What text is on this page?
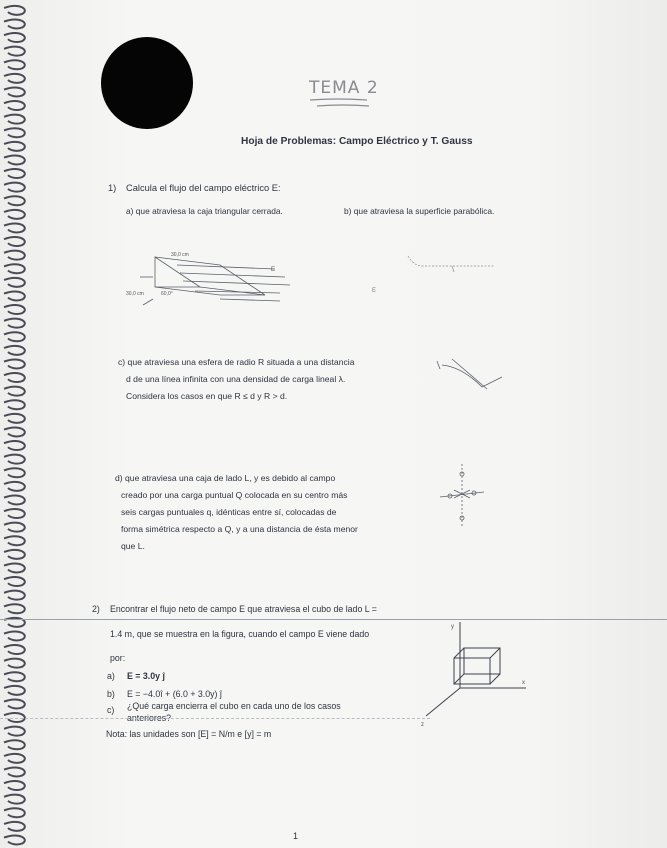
TEMA 2
Hoja de Problemas: Campo Eléctrico y T. Gauss
1) Calcula el flujo del campo eléctrico E:
a) que atraviesa la caja triangular cerrada.	b) que atraviesa la superficie parabólica.
30,0 cm
60,0°
30,0 cm
E
E
c) que atraviesa una esfera de radio R situada a una distancia
d de una línea infinita con una densidad de carga lineal λ.
Considera los casos en que R ≤ d y R > d.
d) que atraviesa una caja de lado L, y es debido al campo
creado por una carga puntual Q colocada en su centro más
seis cargas puntuales q, idénticas entre sí, colocadas de
forma simétrica respecto a Q, y a una distancia de ésta menor
que L.
2) Encontrar el flujo neto de campo E que atraviesa el cubo de lado L =
1.4 m, que se muestra en la figura, cuando el campo E viene dado
por:
a) E = 3.0y ĵ
b) E = −4.0î + (6.0 + 3.0y) ĵ
c) ¿Qué carga encierra el cubo en cada uno de los casos
anteriores?
Nota: las unidades son [E] = N/m e [y] = m
y
x
z
1
